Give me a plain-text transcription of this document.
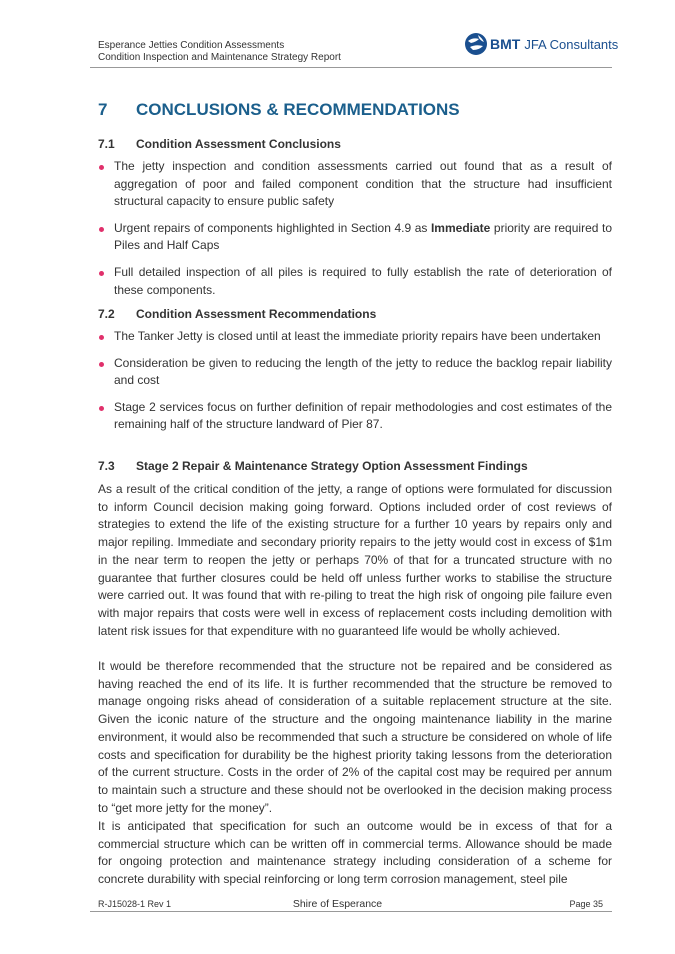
Esperance Jetties Condition Assessments
Condition Inspection and Maintenance Strategy Report
BMT JFA Consultants
7	CONCLUSIONS & RECOMMENDATIONS
7.1	Condition Assessment Conclusions
The jetty inspection and condition assessments carried out found that as a result of aggregation of poor and failed component condition that the structure had insufficient structural capacity to ensure public safety
Urgent repairs of components highlighted in Section 4.9 as Immediate priority are required to Piles and Half Caps
Full detailed inspection of all piles is required to fully establish the rate of deterioration of these components.
7.2	Condition Assessment Recommendations
The Tanker Jetty is closed until at least the immediate priority repairs have been undertaken
Consideration be given to reducing the length of the jetty to reduce the backlog repair liability and cost
Stage 2 services focus on further definition of repair methodologies and cost estimates of the remaining half of the structure landward of Pier 87.
7.3	Stage 2 Repair & Maintenance Strategy Option Assessment Findings

As a result of the critical condition of the jetty, a range of options were formulated for discussion to inform Council decision making going forward. Options included order of cost reviews of strategies to extend the life of the existing structure for a further 10 years by repairs only and major repiling. Immediate and secondary priority repairs to the jetty would cost in excess of $1m in the near term to reopen the jetty or perhaps 70% of that for a truncated structure with no guarantee that further closures could be held off unless further works to stabilise the structure were carried out. It was found that with re-piling to treat the high risk of ongoing pile failure even with major repairs that costs were well in excess of replacement costs including demolition with latent risk issues for that expenditure with no guaranteed life would be wholly achieved.

It would be therefore recommended that the structure not be repaired and be considered as having reached the end of its life. It is further recommended that the structure be removed to manage ongoing risks ahead of consideration of a suitable replacement structure at the site. Given the iconic nature of the structure and the ongoing maintenance liability in the marine environment, it would also be recommended that such a structure be considered on whole of life costs and specification for durability be the highest priority taking lessons from the deterioration of the current structure. Costs in the order of 2% of the capital cost may be required per annum to maintain such a structure and these should not be overlooked in the decision making process to “get more jetty for the money”.

It is anticipated that specification for such an outcome would be in excess of that for a commercial structure which can be written off in commercial terms. Allowance should be made for ongoing protection and maintenance strategy including consideration of a scheme for concrete durability with special reinforcing or long term corrosion management, steel pile

R-J15028-1 Rev 1	Shire of Esperance	Page 35
